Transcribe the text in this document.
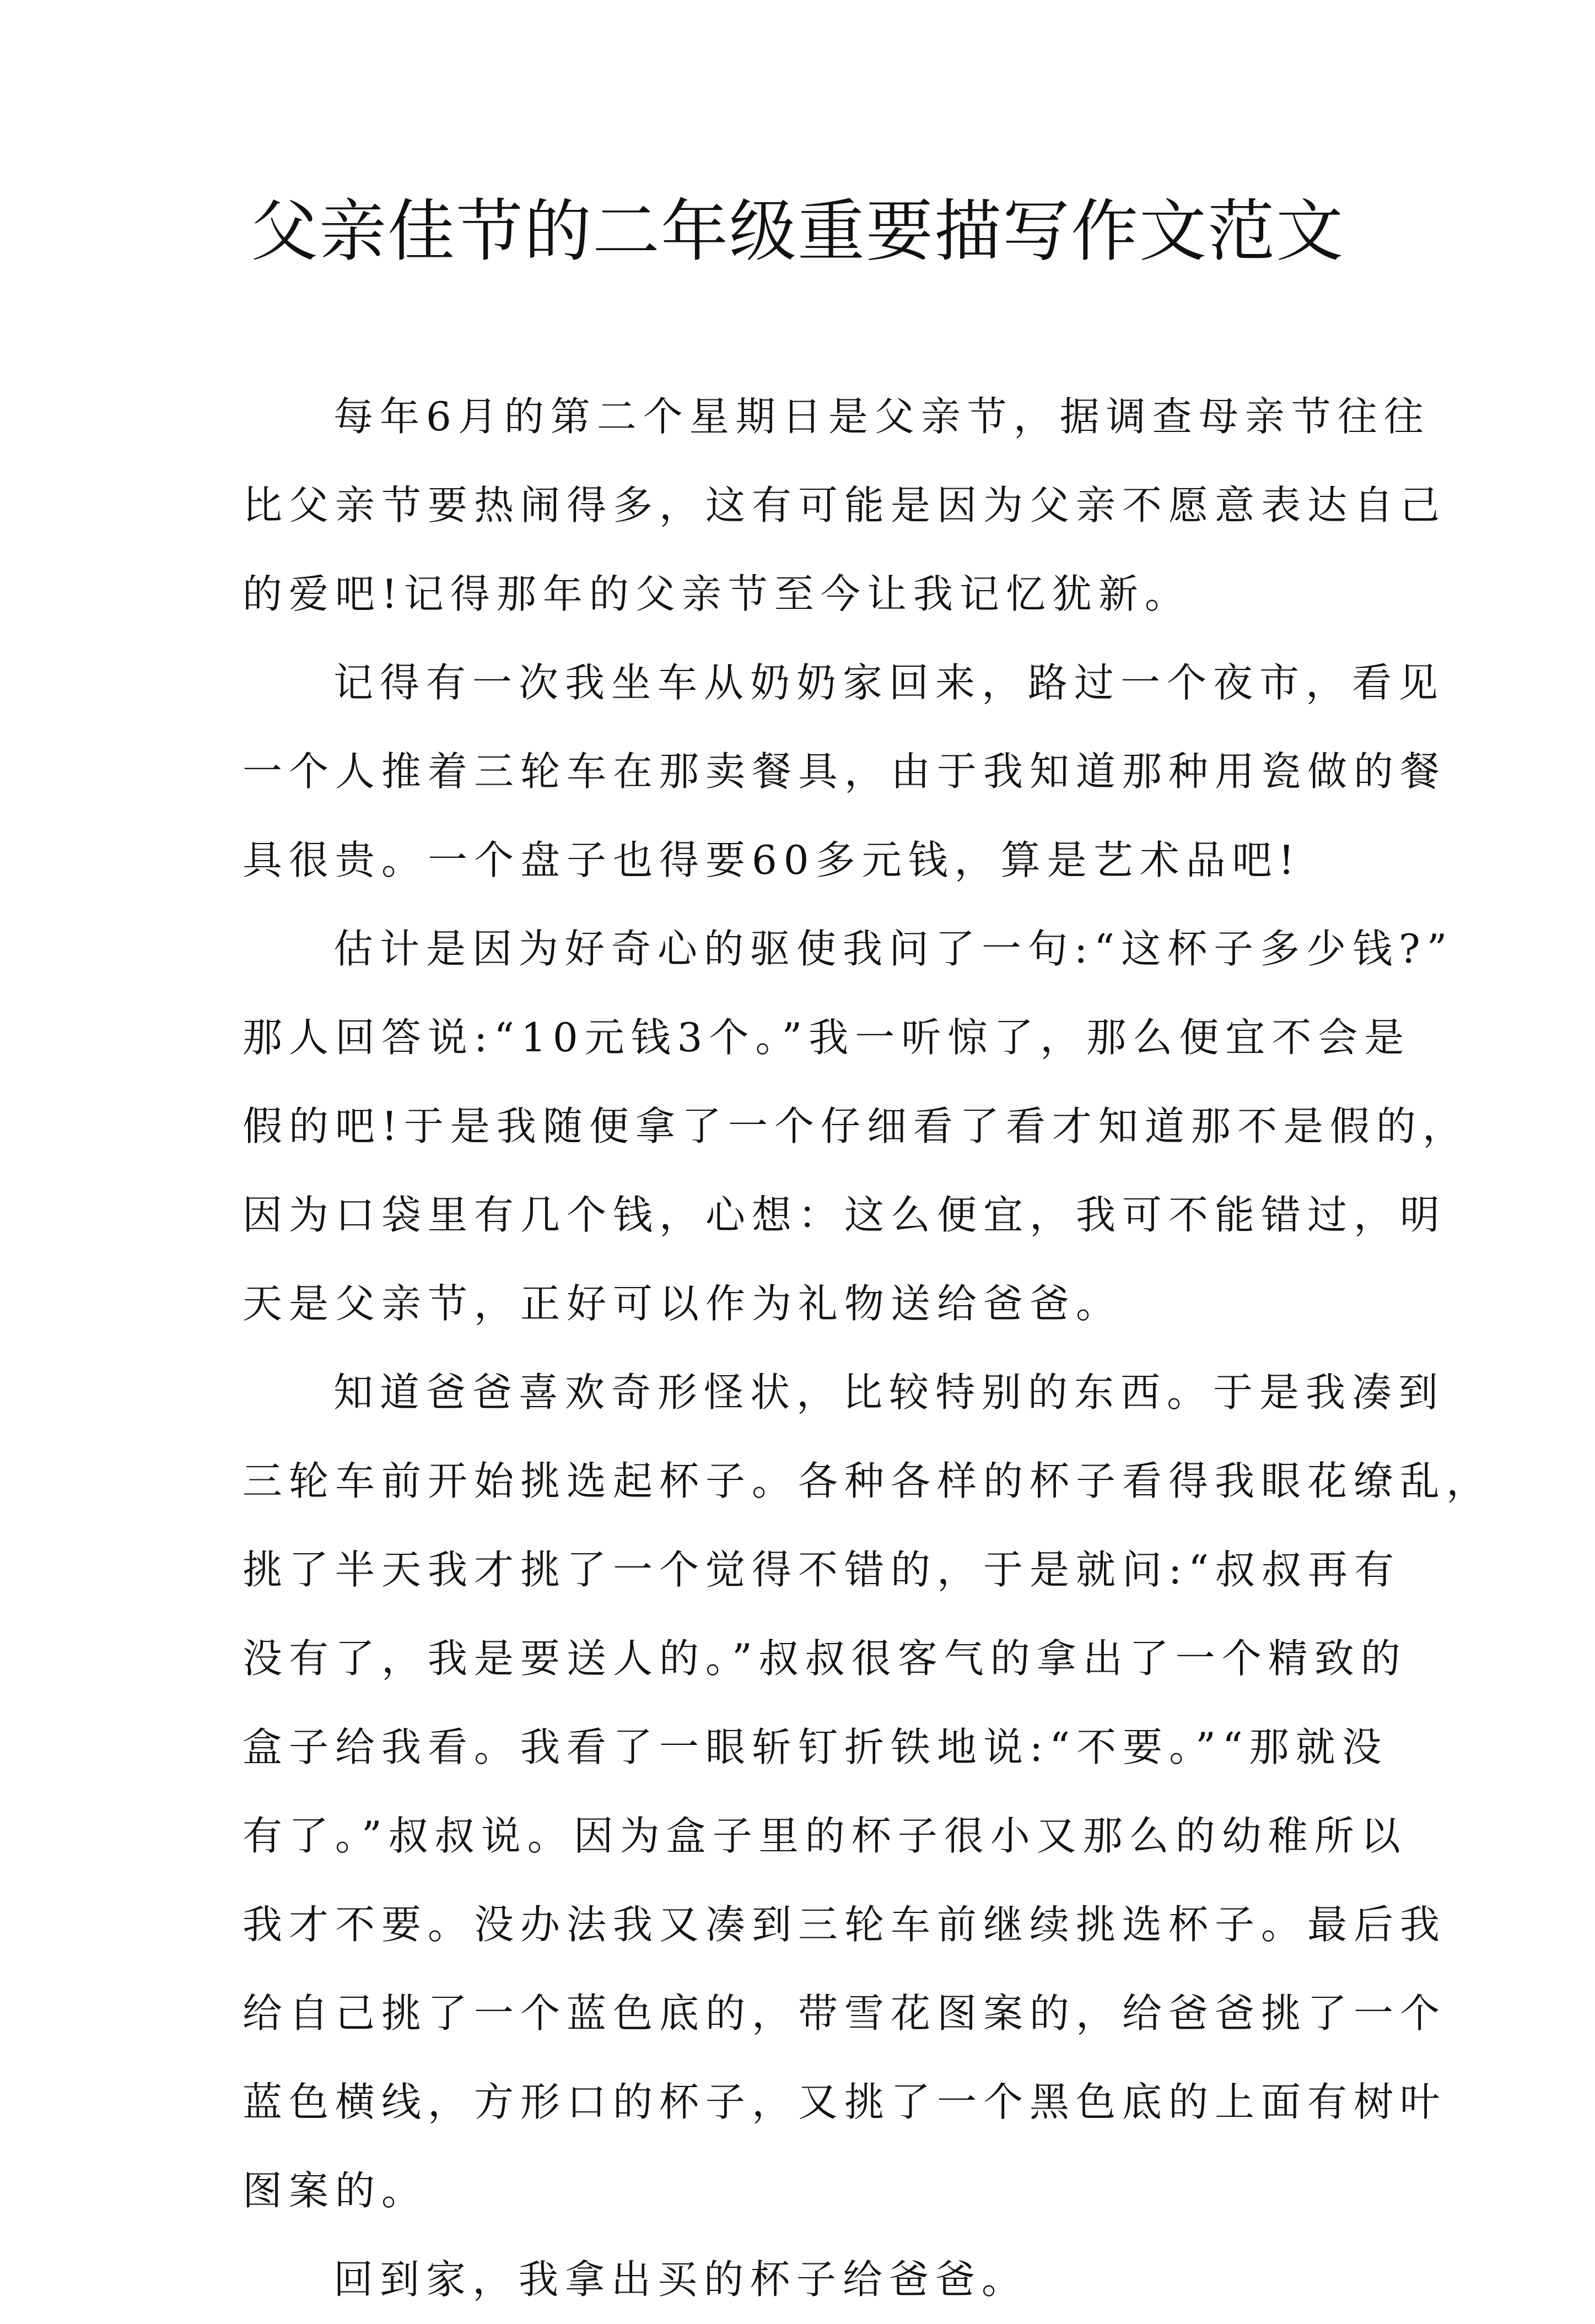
父亲佳节的二年级重要描写作文范文

每年6月的第二个星期日是父亲节，据调查母亲节往往
比父亲节要热闹得多，这有可能是因为父亲不愿意表达自己
的爱吧!记得那年的父亲节至今让我记忆犹新。

记得有一次我坐车从奶奶家回来，路过一个夜市，看见
一个人推着三轮车在那卖餐具，由于我知道那种用瓷做的餐
具很贵。一个盘子也得要60多元钱，算是艺术品吧!

估计是因为好奇心的驱使我问了一句:“这杯子多少钱?”
那人回答说:“10元钱3个。”我一听惊了，那么便宜不会是
假的吧!于是我随便拿了一个仔细看了看才知道那不是假的，
因为口袋里有几个钱，心想：这么便宜，我可不能错过，明
天是父亲节，正好可以作为礼物送给爸爸。

知道爸爸喜欢奇形怪状，比较特别的东西。于是我凑到
三轮车前开始挑选起杯子。各种各样的杯子看得我眼花缭乱，
挑了半天我才挑了一个觉得不错的，于是就问:“叔叔再有
没有了，我是要送人的。”叔叔很客气的拿出了一个精致的
盒子给我看。我看了一眼斩钉折铁地说:“不要。”“那就没
有了。”叔叔说。因为盒子里的杯子很小又那么的幼稚所以
我才不要。没办法我又凑到三轮车前继续挑选杯子。最后我
给自己挑了一个蓝色底的，带雪花图案的，给爸爸挑了一个
蓝色横线，方形口的杯子，又挑了一个黑色底的上面有树叶
图案的。

回到家，我拿出买的杯子给爸爸。
